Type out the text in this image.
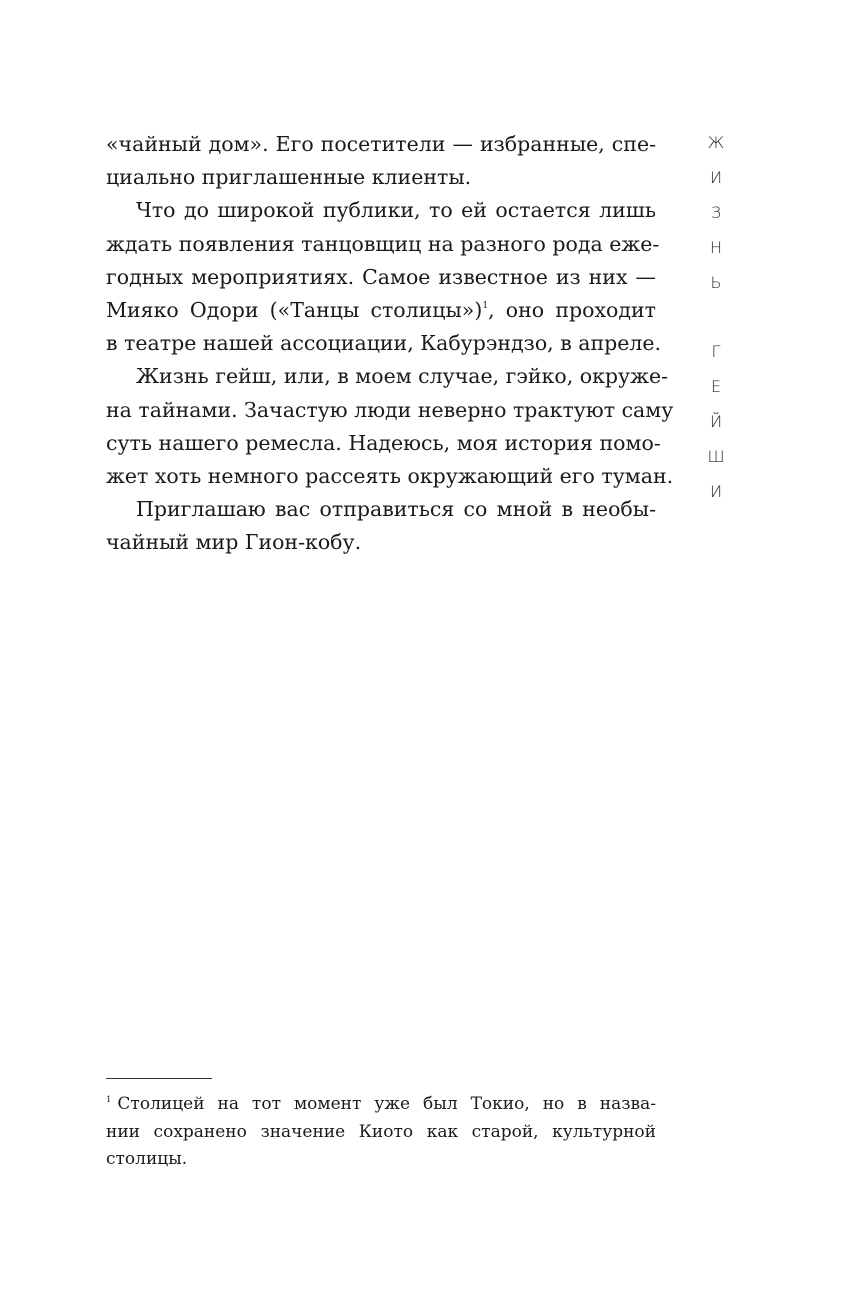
«чайный дом». Его посетители — избранные, спе-
циально приглашенные клиенты.

Что до широкой публики, то ей остается лишь
ждать появления танцовщиц на разного рода еже-
годных мероприятиях. Самое известное из них —
Мияко Одори («Танцы столицы»)$^1$, оно проходит
в театре нашей ассоциации, Кабурэндзо, в апреле.

Жизнь гейш, или, в моем случае, гэйко, окруже-
на тайнами. Зачастую люди неверно трактуют саму
суть нашего ремесла. Надеюсь, моя история помо-
жет хоть немного рассеять окружающий его туман.

Приглашаю вас отправиться со мной в необы-
чайный мир Гион-кобу.

Ж
И
З
Н
Ь
Г
Е
Й
Ш
И
$^1$ Столицей на тот момент уже был Токио, но в назва-
нии сохранено значение Киото как старой, культурной
столицы.
